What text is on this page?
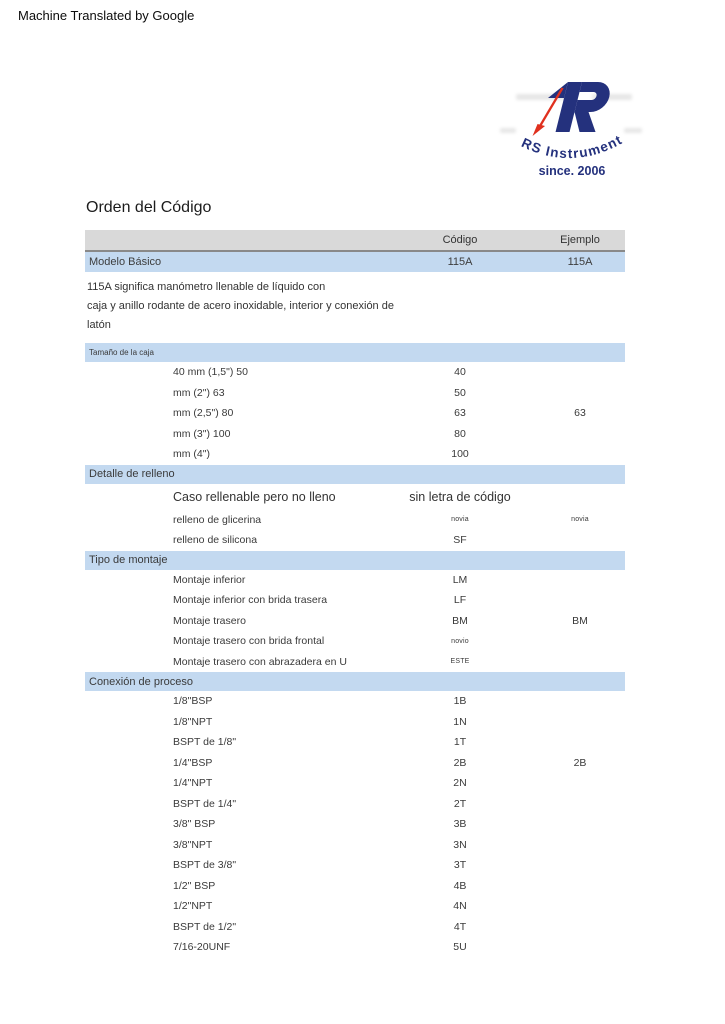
Machine Translated by Google
RS Instrument
since. 2006
Orden del Código
Código	Ejemplo
Modelo Básico	115A	115A
115A significa manómetro llenable de líquido con
caja y anillo rodante de acero inoxidable, interior y conexión de
latón
Tamaño de la caja
40 mm (1,5") 50	40
mm (2") 63	50
mm (2,5") 80	63	63
mm (3") 100	80
mm (4")	100
Detalle de relleno
Caso rellenable pero no lleno	sin letra de código
relleno de glicerina	novia	novia
relleno de silicona	SF
Tipo de montaje
Montaje inferior	LM
Montaje inferior con brida trasera	LF
Montaje trasero	BM	BM
Montaje trasero con brida frontal	novio
Montaje trasero con abrazadera en U	ESTE
Conexión de proceso
1/8"BSP	1B
1/8"NPT	1N
BSPT de 1/8"	1T
1/4"BSP	2B	2B
1/4"NPT	2N
BSPT de 1/4"	2T
3/8" BSP	3B
3/8"NPT	3N
BSPT de 3/8"	3T
1/2" BSP	4B
1/2"NPT	4N
BSPT de 1/2"	4T
7/16-20UNF	5U
